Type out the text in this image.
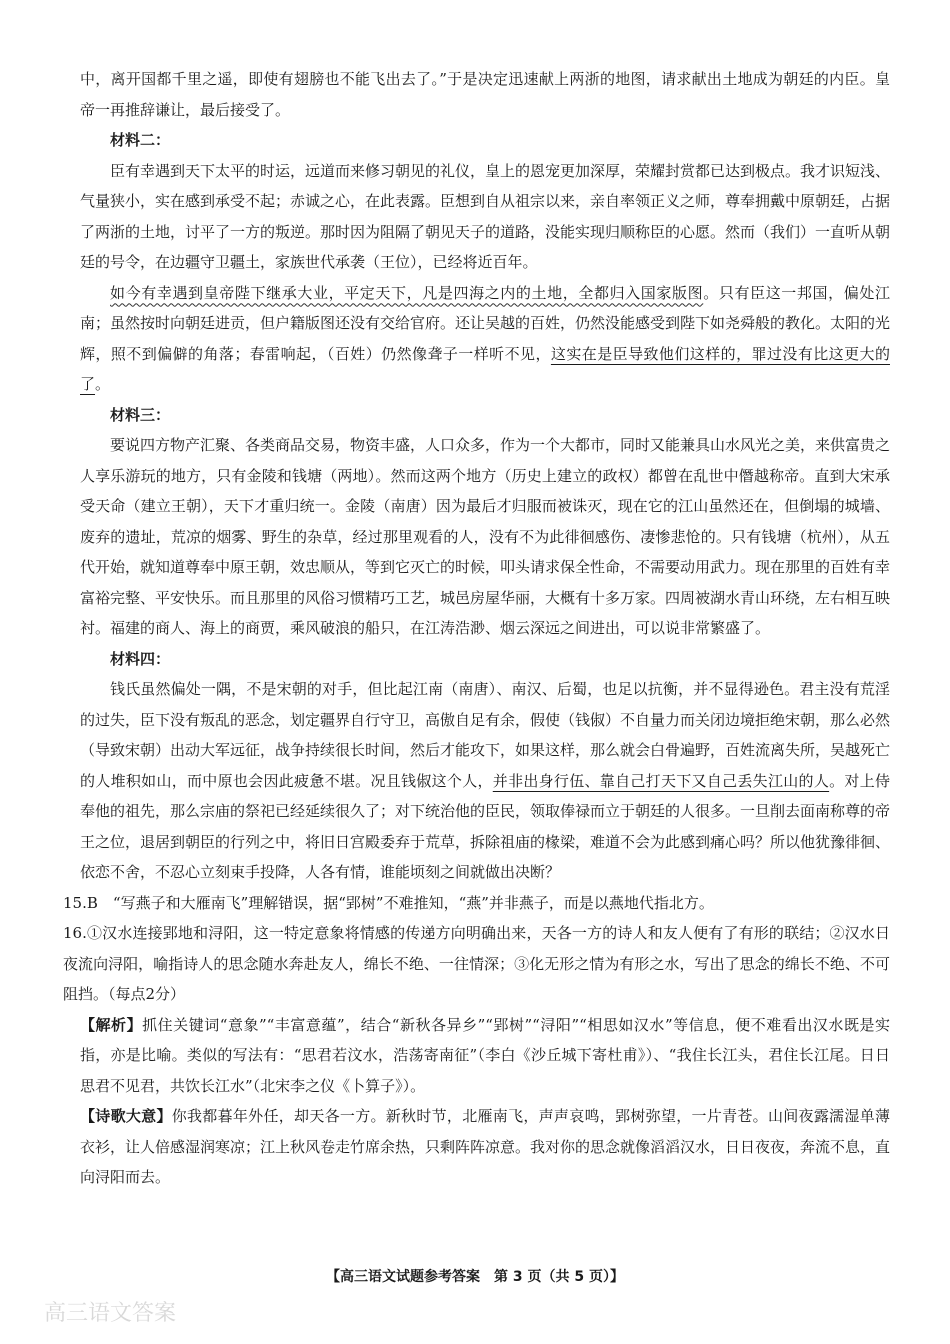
中，离开国都千里之遥，即使有翅膀也不能飞出去了。”于是决定迅速献上两浙的地图，请求献出土地成为朝廷的内臣。皇帝一再推辞谦让，最后接受了。

材料二：

臣有幸遇到天下太平的时运，远道而来修习朝见的礼仪，皇上的恩宠更加深厚，荣耀封赏都已达到极点。我才识短浅、气量狭小，实在感到承受不起；赤诚之心，在此表露。臣想到自从祖宗以来，亲自率领正义之师，尊奉拥戴中原朝廷，占据了两浙的土地，讨平了一方的叛逆。那时因为阻隔了朝见天子的道路，没能实现归顺称臣的心愿。然而（我们）一直听从朝廷的号令，在边疆守卫疆土，家族世代承袭（王位），已经将近百年。

如今有幸遇到皇帝陛下继承大业，平定天下，凡是四海之内的土地，全都归入国家版图。只有臣这一邦国，偏处江南；虽然按时向朝廷进贡，但户籍版图还没有交给官府。还让吴越的百姓，仍然没能感受到陛下如尧舜般的教化。太阳的光辉，照不到偏僻的角落；春雷响起，（百姓）仍然像聋子一样听不见，这实在是臣导致他们这样的，罪过没有比这更大的了。

材料三：

要说四方物产汇聚、各类商品交易，物资丰盛，人口众多，作为一个大都市，同时又能兼具山水风光之美，来供富贵之人享乐游玩的地方，只有金陵和钱塘（两地）。然而这两个地方（历史上建立的政权）都曾在乱世中僭越称帝。直到大宋承受天命（建立王朝），天下才重归统一。金陵（南唐）因为最后才归服而被诛灭，现在它的江山虽然还在，但倒塌的城墙、废弃的遗址，荒凉的烟雾、野生的杂草，经过那里观看的人，没有不为此徘徊感伤、凄惨悲怆的。只有钱塘（杭州），从五代开始，就知道尊奉中原王朝，效忠顺从，等到它灭亡的时候，叩头请求保全性命，不需要动用武力。现在那里的百姓有幸富裕完整、平安快乐。而且那里的风俗习惯精巧工艺，城邑房屋华丽，大概有十多万家。四周被湖水青山环绕，左右相互映衬。福建的商人、海上的商贾，乘风破浪的船只，在江涛浩渺、烟云深远之间进出，可以说非常繁盛了。

材料四：

钱氏虽然偏处一隅，不是宋朝的对手，但比起江南（南唐）、南汉、后蜀，也足以抗衡，并不显得逊色。君主没有荒淫的过失，臣下没有叛乱的恶念，划定疆界自行守卫，高傲自足有余，假使（钱俶）不自量力而关闭边境拒绝宋朝，那么必然（导致宋朝）出动大军远征，战争持续很长时间，然后才能攻下，如果这样，那么就会白骨遍野，百姓流离失所，吴越死亡的人堆积如山，而中原也会因此疲惫不堪。况且钱俶这个人，并非出身行伍、靠自己打天下又自己丢失江山的人。对上侍奉他的祖先，那么宗庙的祭祀已经延续很久了；对下统治他的臣民，领取俸禄而立于朝廷的人很多。一旦削去面南称尊的帝王之位，退居到朝臣的行列之中，将旧日宫殿委弃于荒草，拆除祖庙的椽梁，难道不会为此感到痛心吗？所以他犹豫徘徊、依恋不舍，不忍心立刻束手投降，人各有情，谁能顷刻之间就做出决断？

15.B　 “写燕子和大雁南飞”理解错误，据“郢树”不难推知，“燕”并非燕子，而是以燕地代指北方。

16.①汉水连接郢地和浔阳，这一特定意象将情感的传递方向明确出来，天各一方的诗人和友人便有了有形的联结；②汉水日夜流向浔阳，喻指诗人的思念随水奔赴友人，绵长不绝、一往情深；③化无形之情为有形之水，写出了思念的绵长不绝、不可阻挡。（每点2分）

【解析】抓住关键词“意象”“丰富意蕴”，结合“新秋各异乡”“郢树”“浔阳”“相思如汉水”等信息，便不难看出汉水既是实指，亦是比喻。类似的写法有：“思君若汶水，浩荡寄南征”（李白《沙丘城下寄杜甫》）、“我住长江头，君住长江尾。日日思君不见君，共饮长江水”（北宋李之仪《卜算子》）。

【诗歌大意】你我都暮年外任，却天各一方。新秋时节，北雁南飞，声声哀鸣，郢树弥望，一片青苍。山间夜露濡湿单薄衣衫，让人倍感湿润寒凉；江上秋风卷走竹席余热，只剩阵阵凉意。我对你的思念就像滔滔汉水，日日夜夜，奔流不息，直向浔阳而去。

【高三语文试题参考答案　第 3 页（共 5 页）】
高三语文答案
